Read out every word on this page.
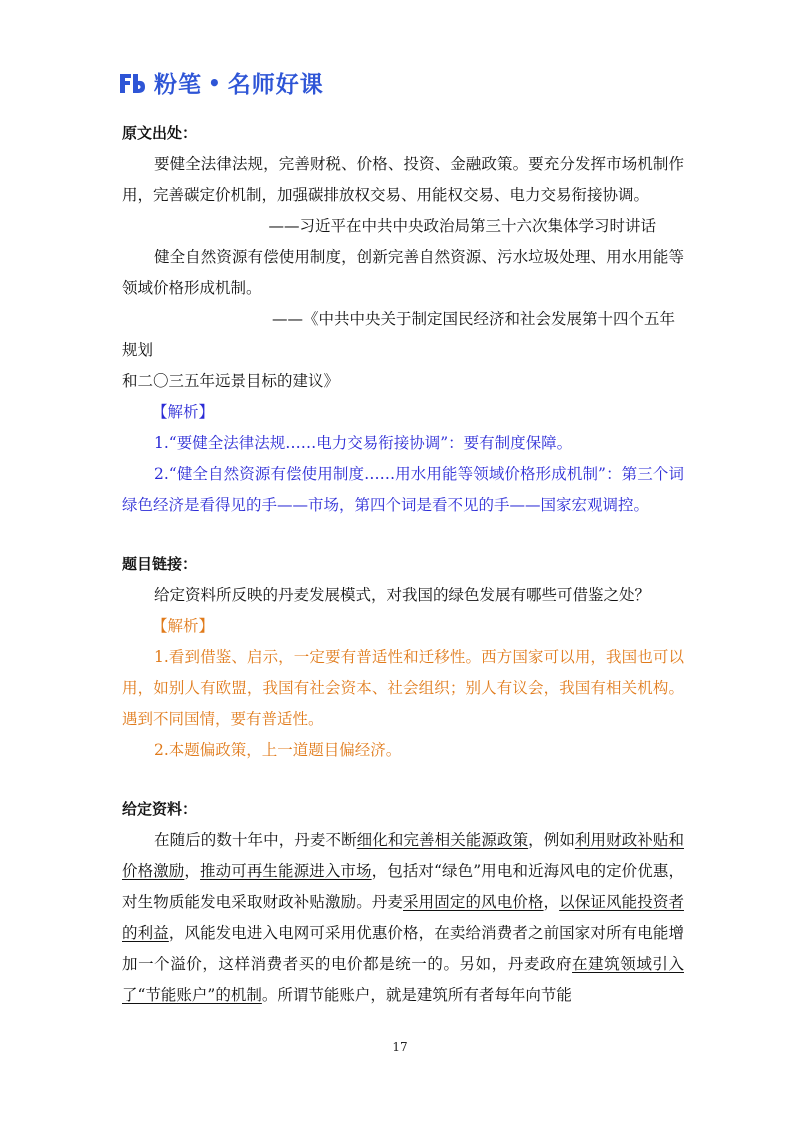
粉笔 • 名师好课

原文出处：

要健全法律法规，完善财税、价格、投资、金融政策。要充分发挥市场机制作用，完善碳定价机制，加强碳排放权交易、用能权交易、电力交易衔接协调。

——习近平在中共中央政治局第三十六次集体学习时讲话

健全自然资源有偿使用制度，创新完善自然资源、污水垃圾处理、用水用能等领域价格形成机制。

——《中共中央关于制定国民经济和社会发展第十四个五年规划

和二〇三五年远景目标的建议》

【解析】

1.“要健全法律法规……电力交易衔接协调”：要有制度保障。

2.“健全自然资源有偿使用制度……用水用能等领域价格形成机制”：第三个词绿色经济是看得见的手——市场，第四个词是看不见的手——国家宏观调控。

题目链接：

给定资料所反映的丹麦发展模式，对我国的绿色发展有哪些可借鉴之处？

【解析】

1.看到借鉴、启示，一定要有普适性和迁移性。西方国家可以用，我国也可以用，如别人有欧盟，我国有社会资本、社会组织；别人有议会，我国有相关机构。遇到不同国情，要有普适性。

2.本题偏政策，上一道题目偏经济。

给定资料：

在随后的数十年中，丹麦不断细化和完善相关能源政策，例如利用财政补贴和价格激励，推动可再生能源进入市场，包括对“绿色”用电和近海风电的定价优惠，对生物质能发电采取财政补贴激励。丹麦采用固定的风电价格，以保证风能投资者的利益，风能发电进入电网可采用优惠价格，在卖给消费者之前国家对所有电能增加一个溢价，这样消费者买的电价都是统一的。另如，丹麦政府在建筑领域引入了“节能账户”的机制。所谓节能账户，就是建筑所有者每年向节能

17
